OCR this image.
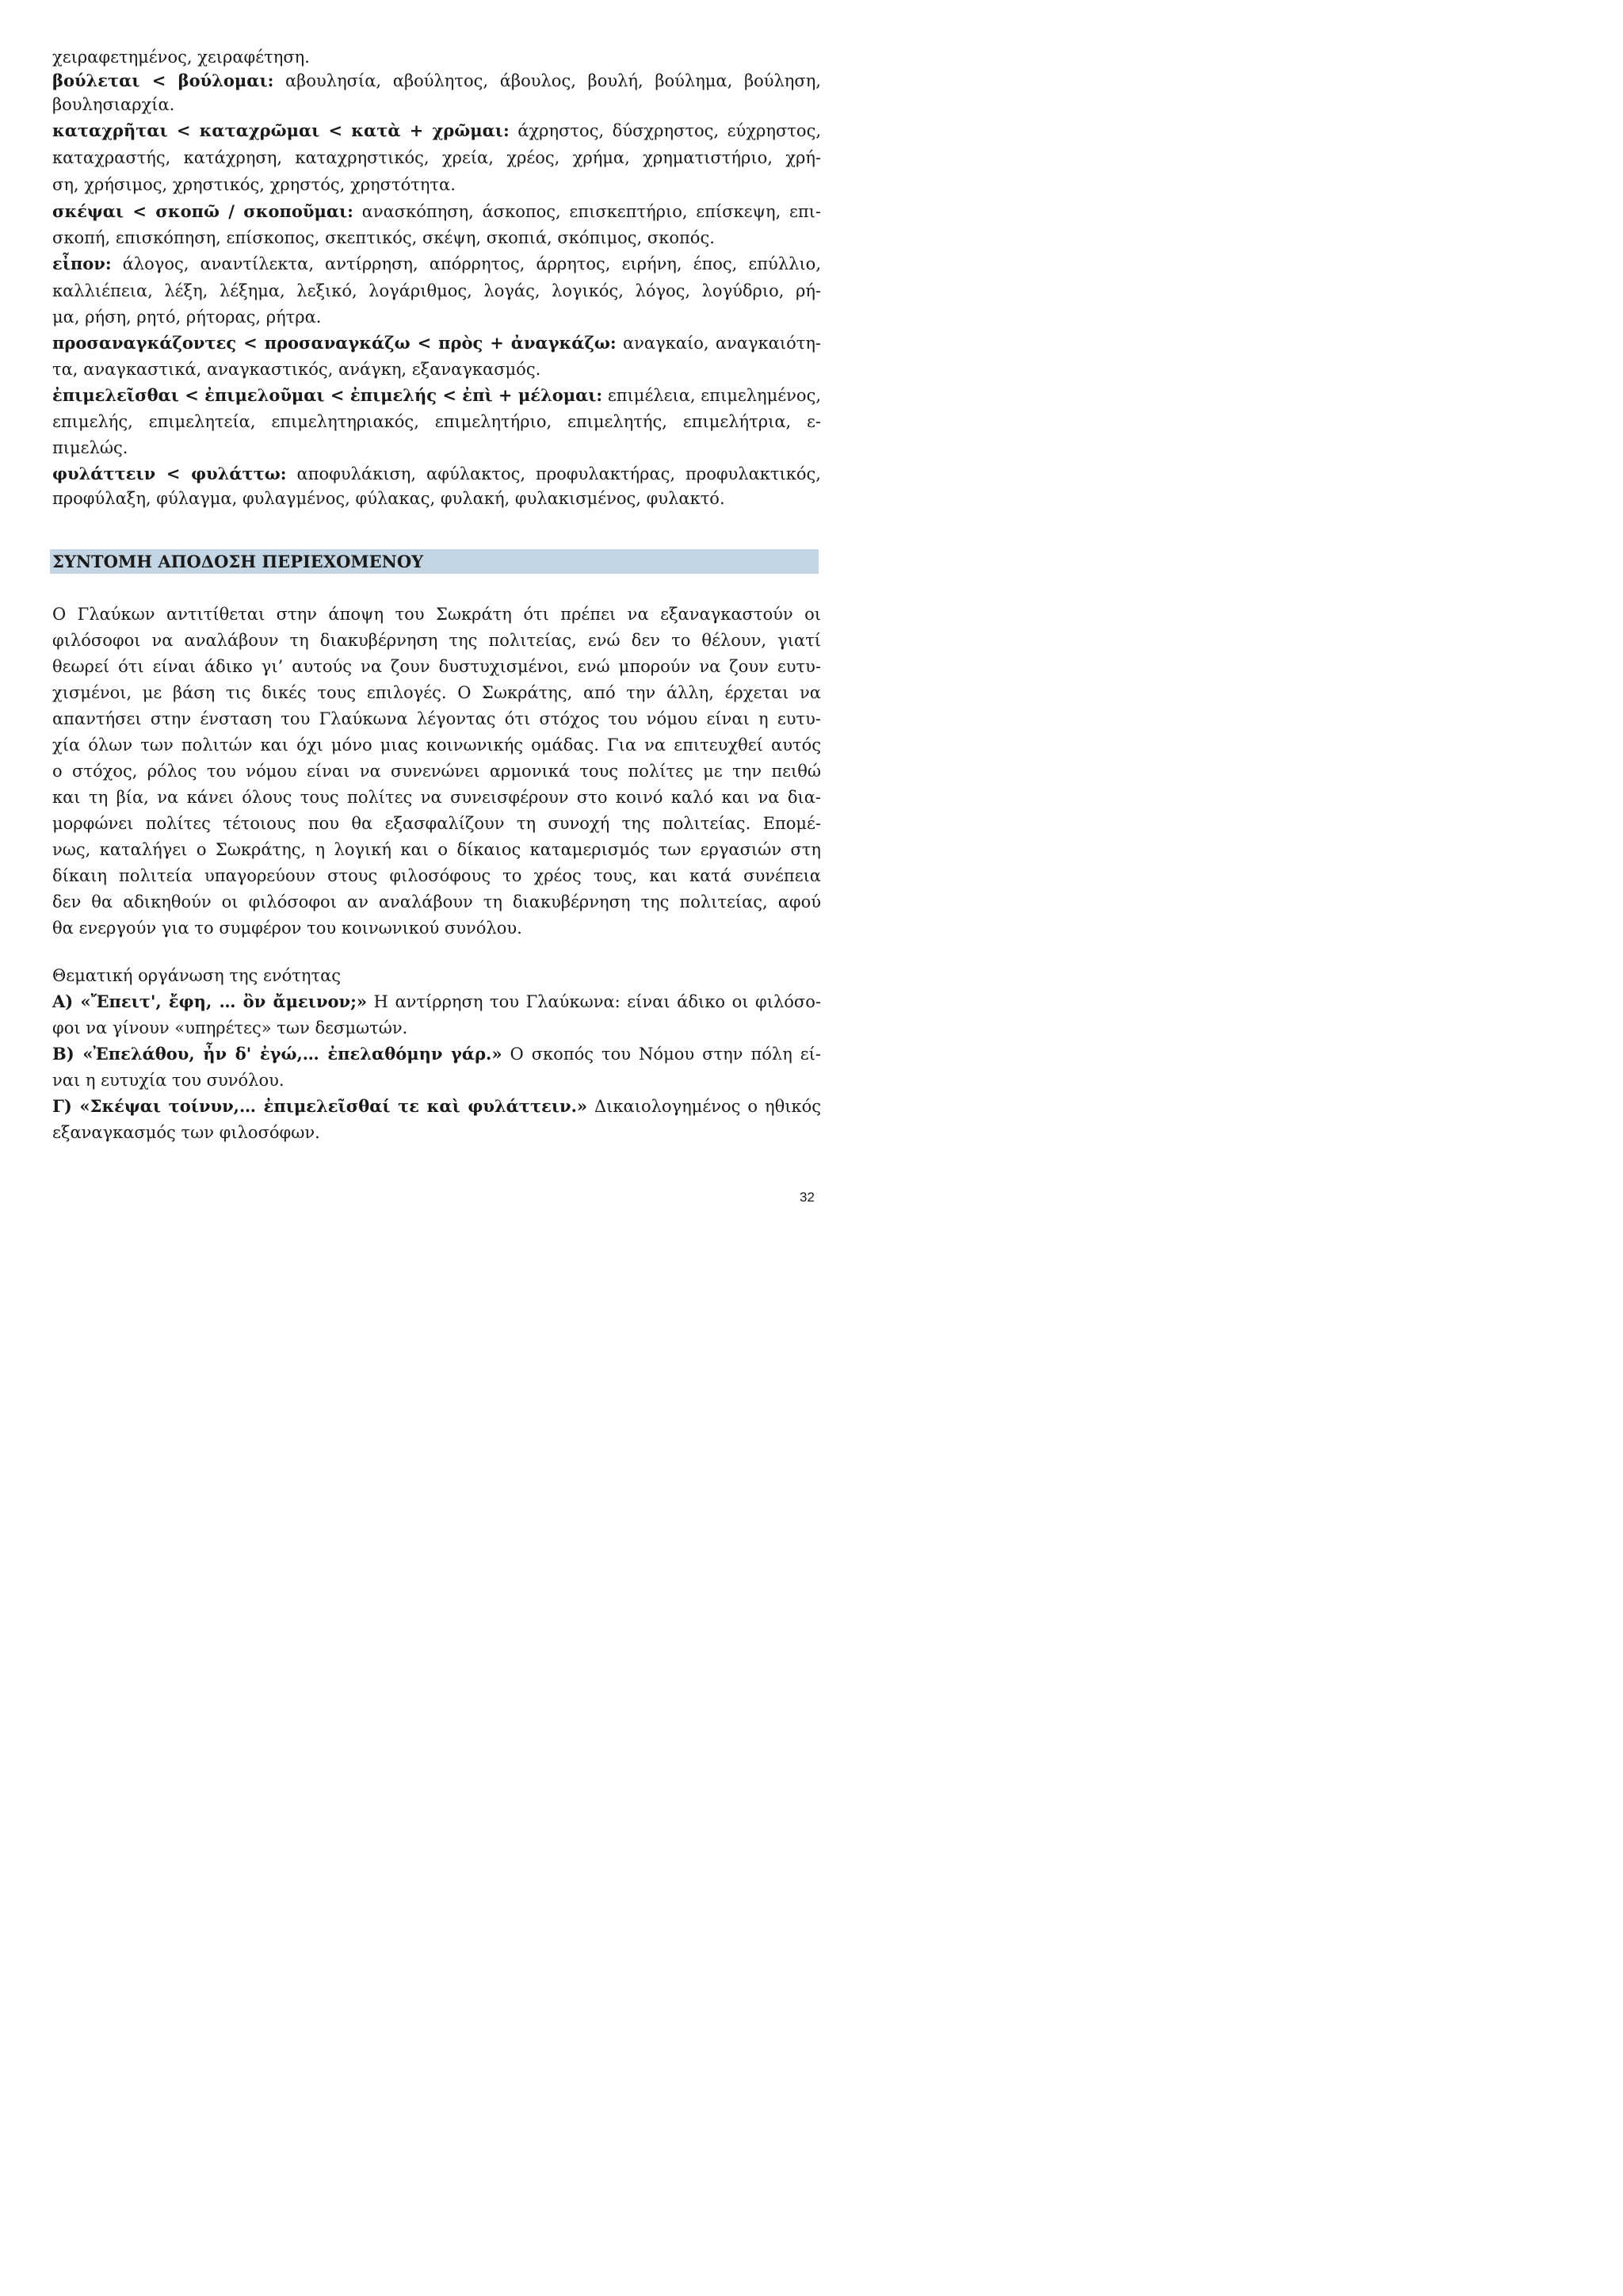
χειραφετημένος, χειραφέτηση.
βούλεται < βούλομαι: αβουλησία, αβούλητος, άβουλος, βουλή, βούλημα, βούληση,
βουλησιαρχία.
καταχρῆται < καταχρῶμαι < κατὰ + χρῶμαι: άχρηστος, δύσχρηστος, εύχρηστος,
καταχραστής, κατάχρηση, καταχρηστικός, χρεία, χρέος, χρήμα, χρηματιστήριο, χρή-
ση, χρήσιμος, χρηστικός, χρηστός, χρηστότητα.
σκέψαι < σκοπῶ / σκοποῦμαι: ανασκόπηση, άσκοπος, επισκεπτήριο, επίσκεψη, επι-
σκοπή, επισκόπηση, επίσκοπος, σκεπτικός, σκέψη, σκοπιά, σκόπιμος, σκοπός.
εἶπον: άλογος, αναντίλεκτα, αντίρρηση, απόρρητος, άρρητος, ειρήνη, έπος, επύλλιο,
καλλιέπεια, λέξη, λέξημα, λεξικό, λογάριθμος, λογάς, λογικός, λόγος, λογύδριο, ρή-
μα, ρήση, ρητό, ρήτορας, ρήτρα.
προσαναγκάζοντες < προσαναγκάζω < πρὸς + ἀναγκάζω: αναγκαίο, αναγκαιότη-
τα, αναγκαστικά, αναγκαστικός, ανάγκη, εξαναγκασμός.
ἐπιμελεῖσθαι < ἐπιμελοῦμαι < ἐπιμελής < ἐπὶ + μέλομαι: επιμέλεια, επιμελημένος,
επιμελής, επιμελητεία, επιμελητηριακός, επιμελητήριο, επιμελητής, επιμελήτρια, ε-
πιμελώς.
φυλάττειν < φυλάττω: αποφυλάκιση, αφύλακτος, προφυλακτήρας, προφυλακτικός,
προφύλαξη, φύλαγμα, φυλαγμένος, φύλακας, φυλακή, φυλακισμένος, φυλακτό.
ΣΥΝΤΟΜΗ ΑΠΟΔΟΣΗ ΠΕΡΙΕΧΟΜΕΝΟΥ
Ο Γλαύκων αντιτίθεται στην άποψη του Σωκράτη ότι πρέπει να εξαναγκαστούν οι
φιλόσοφοι να αναλάβουν τη διακυβέρνηση της πολιτείας, ενώ δεν το θέλουν, γιατί
θεωρεί ότι είναι άδικο γι’ αυτούς να ζουν δυστυχισμένοι, ενώ μπορούν να ζουν ευτυ-
χισμένοι, με βάση τις δικές τους επιλογές. Ο Σωκράτης, από την άλλη, έρχεται να
απαντήσει στην ένσταση του Γλαύκωνα λέγοντας ότι στόχος του νόμου είναι η ευτυ-
χία όλων των πολιτών και όχι μόνο μιας κοινωνικής ομάδας. Για να επιτευχθεί αυτός
ο στόχος, ρόλος του νόμου είναι να συνενώνει αρμονικά τους πολίτες με την πειθώ
και τη βία, να κάνει όλους τους πολίτες να συνεισφέρουν στο κοινό καλό και να δια-
μορφώνει πολίτες τέτοιους που θα εξασφαλίζουν τη συνοχή της πολιτείας. Επομέ-
νως, καταλήγει ο Σωκράτης, η λογική και ο δίκαιος καταμερισμός των εργασιών στη
δίκαιη πολιτεία υπαγορεύουν στους φιλοσόφους το χρέος τους, και κατά συνέπεια
δεν θα αδικηθούν οι φιλόσοφοι αν αναλάβουν τη διακυβέρνηση της πολιτείας, αφού
θα ενεργούν για το συμφέρον του κοινωνικού συνόλου.
Θεματική οργάνωση της ενότητας
Α) «Ἔπειτ', ἔφη, … ὂν ἄμεινον;» Η αντίρρηση του Γλαύκωνα: είναι άδικο οι φιλόσο-
φοι να γίνουν «υπηρέτες» των δεσμωτών.
Β) «Ἐπελάθου, ἦν δ' ἐγώ,… ἐπελαθόμην γάρ.» Ο σκοπός του Νόμου στην πόλη εί-
ναι η ευτυχία του συνόλου.
Γ) «Σκέψαι τοίνυν,… ἐπιμελεῖσθαί τε καὶ φυλάττειν.» Δικαιολογημένος ο ηθικός
εξαναγκασμός των φιλοσόφων.
32
